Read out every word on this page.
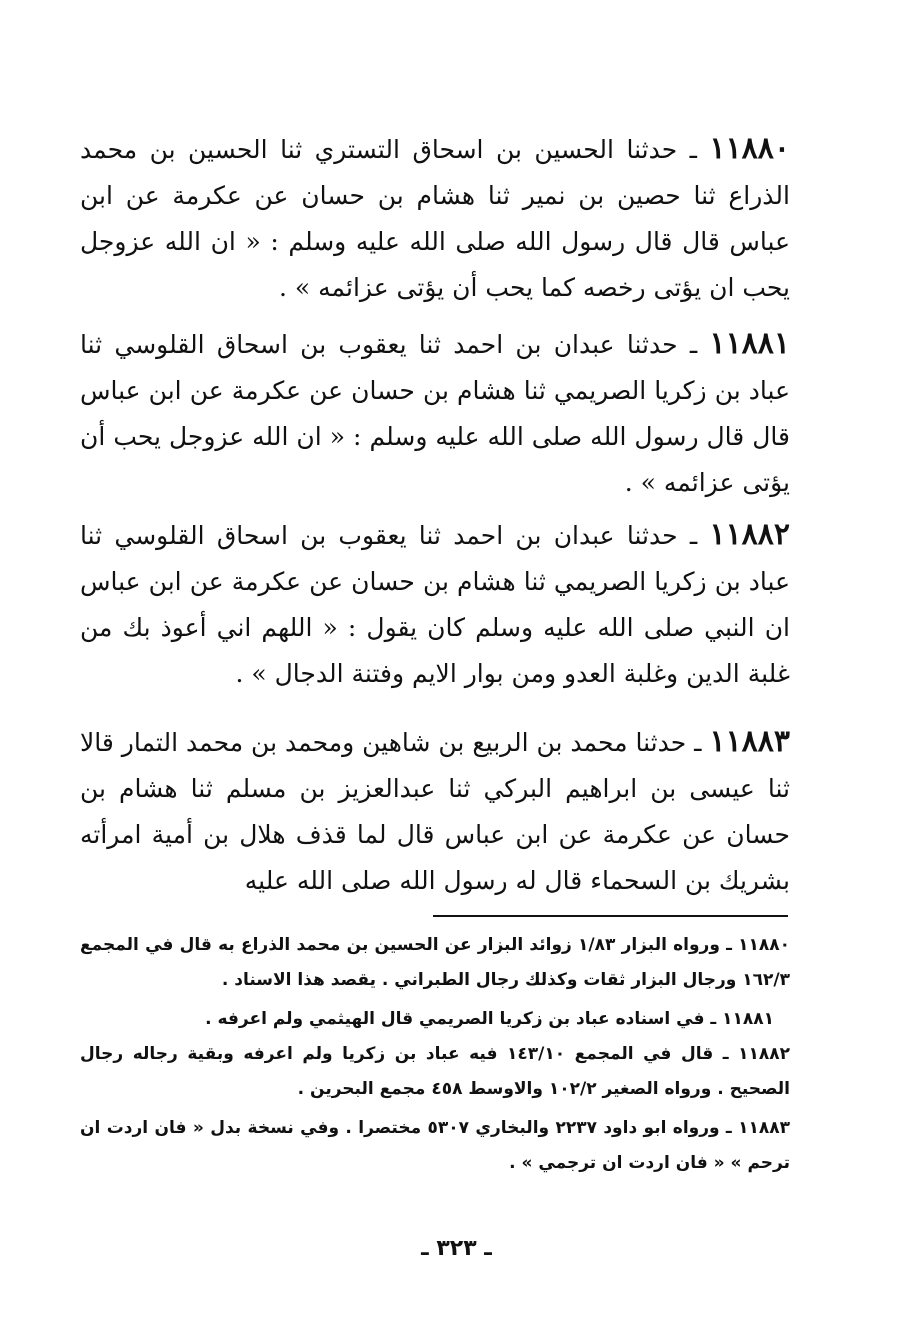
١١٨٨٠ ـ حدثنا الحسين بن اسحاق التستري ثنا الحسين بن محمد الذراع ثنا حصين بن نمير ثنا هشام بن حسان عن عكرمة عن ابن عباس قال قال رسول الله صلى الله عليه وسلم : « ان الله عزوجل يحب ان يؤتى رخصه كما يحب أن يؤتى عزائمه » .

١١٨٨١ ـ حدثنا عبدان بن احمد ثنا يعقوب بن اسحاق القلوسي ثنا عباد بن زكريا الصريمي ثنا هشام بن حسان عن عكرمة عن ابن عباس قال قال رسول الله صلى الله عليه وسلم : « ان الله عزوجل يحب أن يؤتى عزائمه » .

١١٨٨٢ ـ حدثنا عبدان بن احمد ثنا يعقوب بن اسحاق القلوسي ثنا عباد بن زكريا الصريمي ثنا هشام بن حسان عن عكرمة عن ابن عباس ان النبي صلى الله عليه وسلم كان يقول : « اللهم اني أعوذ بك من غلبة الدين وغلبة العدو ومن بوار الايم وفتنة الدجال » .

١١٨٨٣ ـ حدثنا محمد بن الربيع بن شاهين ومحمد بن محمد التمار قالا ثنا عيسى بن ابراهيم البركي ثنا عبدالعزيز بن مسلم ثنا هشام بن حسان عن عكرمة عن ابن عباس قال لما قذف هلال بن أمية امرأته بشريك بن السحماء قال له رسول الله صلى الله عليه

١١٨٨٠ ـ ورواه البزار ١/٨٣ زوائد البزار عن الحسين بن محمد الذراع به قال في المجمع ١٦٢/٣ ورجال البزار ثقات وكذلك رجال الطبراني . يقصد هذا الاسناد .

١١٨٨١ ـ في اسناده عباد بن زكريا الصريمي قال الهيثمي ولم اعرفه .

١١٨٨٢ ـ قال في المجمع ١٤٣/١٠ فيه عباد بن زكريا ولم اعرفه وبقية رجاله رجال الصحيح . ورواه الصغير ١٠٢/٢ والاوسط ٤٥٨ مجمع البحرين .

١١٨٨٣ ـ ورواه ابو داود ٢٢٣٧ والبخاري ٥٣٠٧ مختصرا . وفي نسخة بدل « فان اردت ان ترحم » « فان اردت ان ترجمي » .

ـ ٣٢٣ ـ
